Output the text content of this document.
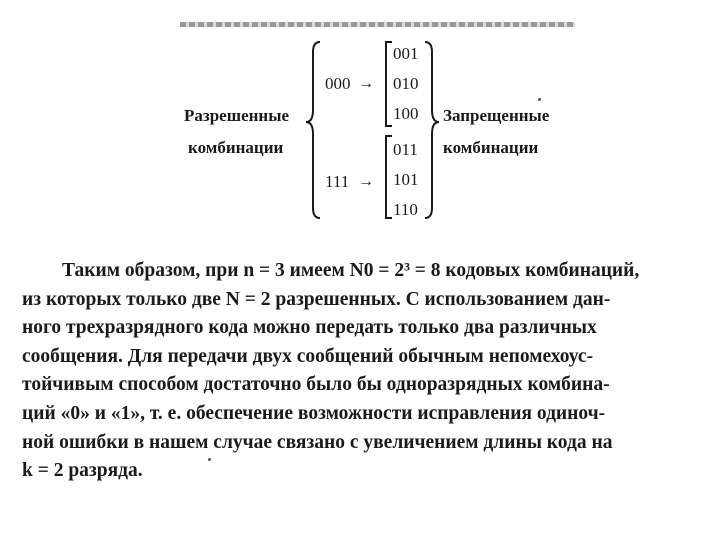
Разрешенные
комбинации
000 →
001
010
100
111 →
011
101
110
Запрещенные
комбинации

Таким образом, при n = 3 имеем N0 = 2³ = 8 кодовых комбинаций,
из которых только две N = 2 разрешенных. С использованием дан-
ного трехразрядного кода можно передать только два различных
сообщения. Для передачи двух сообщений обычным непомехоус-
тойчивым способом достаточно было бы одноразрядных комбина-
ций «0» и «1», т. е. обеспечение возможности исправления одиноч-
ной ошибки в нашем случае связано с увеличением длины кода на
k = 2 разряда.
